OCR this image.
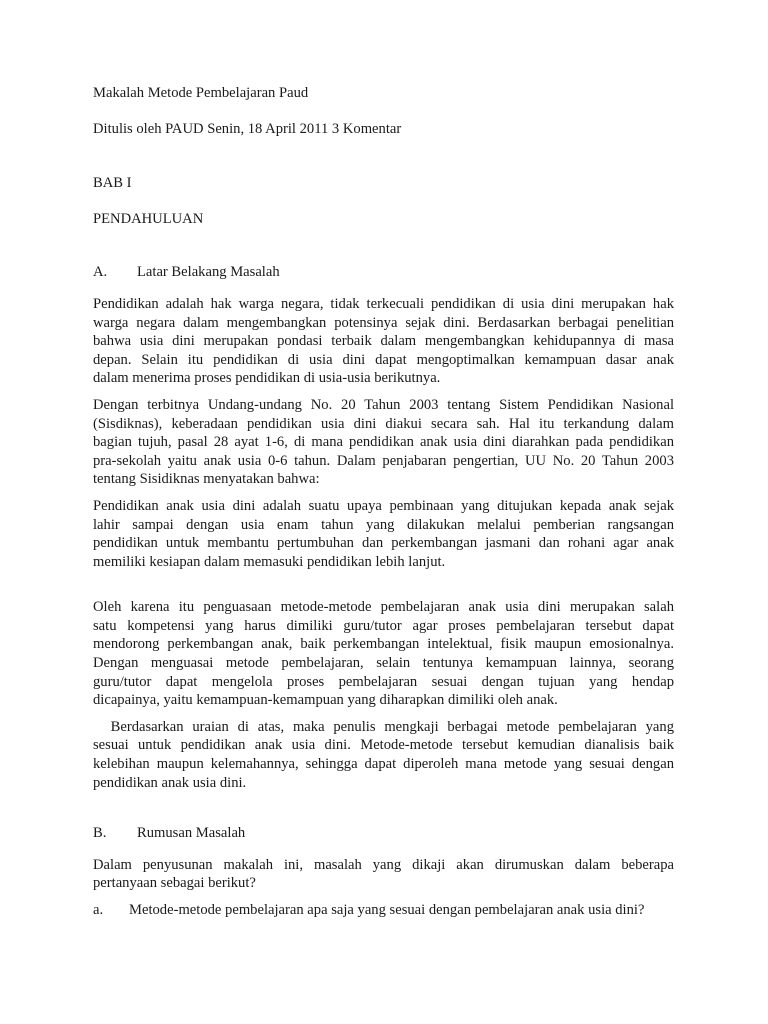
Makalah Metode Pembelajaran Paud
Ditulis oleh PAUD Senin, 18 April 2011 3 Komentar
BAB I
PENDAHULUAN
A.	Latar Belakang Masalah
Pendidikan adalah hak warga negara, tidak terkecuali pendidikan di usia dini merupakan hak
warga negara dalam mengembangkan potensinya sejak dini. Berdasarkan berbagai penelitian
bahwa usia dini merupakan pondasi terbaik dalam mengembangkan kehidupannya di masa
depan. Selain itu pendidikan di usia dini dapat mengoptimalkan kemampuan dasar anak
dalam menerima proses pendidikan di usia-usia berikutnya.
Dengan terbitnya Undang-undang No. 20 Tahun 2003 tentang Sistem Pendidikan Nasional
(Sisdiknas), keberadaan pendidikan usia dini diakui secara sah. Hal itu terkandung dalam
bagian tujuh, pasal 28 ayat 1-6, di mana pendidikan anak usia dini diarahkan pada pendidikan
pra-sekolah yaitu anak usia 0-6 tahun. Dalam penjabaran pengertian, UU No. 20 Tahun 2003
tentang Sisidiknas menyatakan bahwa:
Pendidikan anak usia dini adalah suatu upaya pembinaan yang ditujukan kepada anak sejak
lahir sampai dengan usia enam tahun yang dilakukan melalui pemberian rangsangan
pendidikan untuk membantu pertumbuhan dan perkembangan jasmani dan rohani agar anak
memiliki kesiapan dalam memasuki pendidikan lebih lanjut.
Oleh karena itu penguasaan metode-metode pembelajaran anak usia dini merupakan salah
satu kompetensi yang harus dimiliki guru/tutor agar proses pembelajaran tersebut dapat
mendorong perkembangan anak, baik perkembangan intelektual, fisik maupun emosionalnya.
Dengan menguasai metode pembelajaran, selain tentunya kemampuan lainnya, seorang
guru/tutor dapat mengelola proses pembelajaran sesuai dengan tujuan yang hendap
dicapainya, yaitu kemampuan-kemampuan yang diharapkan dimiliki oleh anak.
Berdasarkan uraian di atas, maka penulis mengkaji berbagai metode pembelajaran yang
sesuai untuk pendidikan anak usia dini. Metode-metode tersebut kemudian dianalisis baik
kelebihan maupun kelemahannya, sehingga dapat diperoleh mana metode yang sesuai dengan
pendidikan anak usia dini.
B.	Rumusan Masalah
Dalam penyusunan makalah ini, masalah yang dikaji akan dirumuskan dalam beberapa
pertanyaan sebagai berikut?
a.	Metode-metode pembelajaran apa saja yang sesuai dengan pembelajaran anak usia dini?
